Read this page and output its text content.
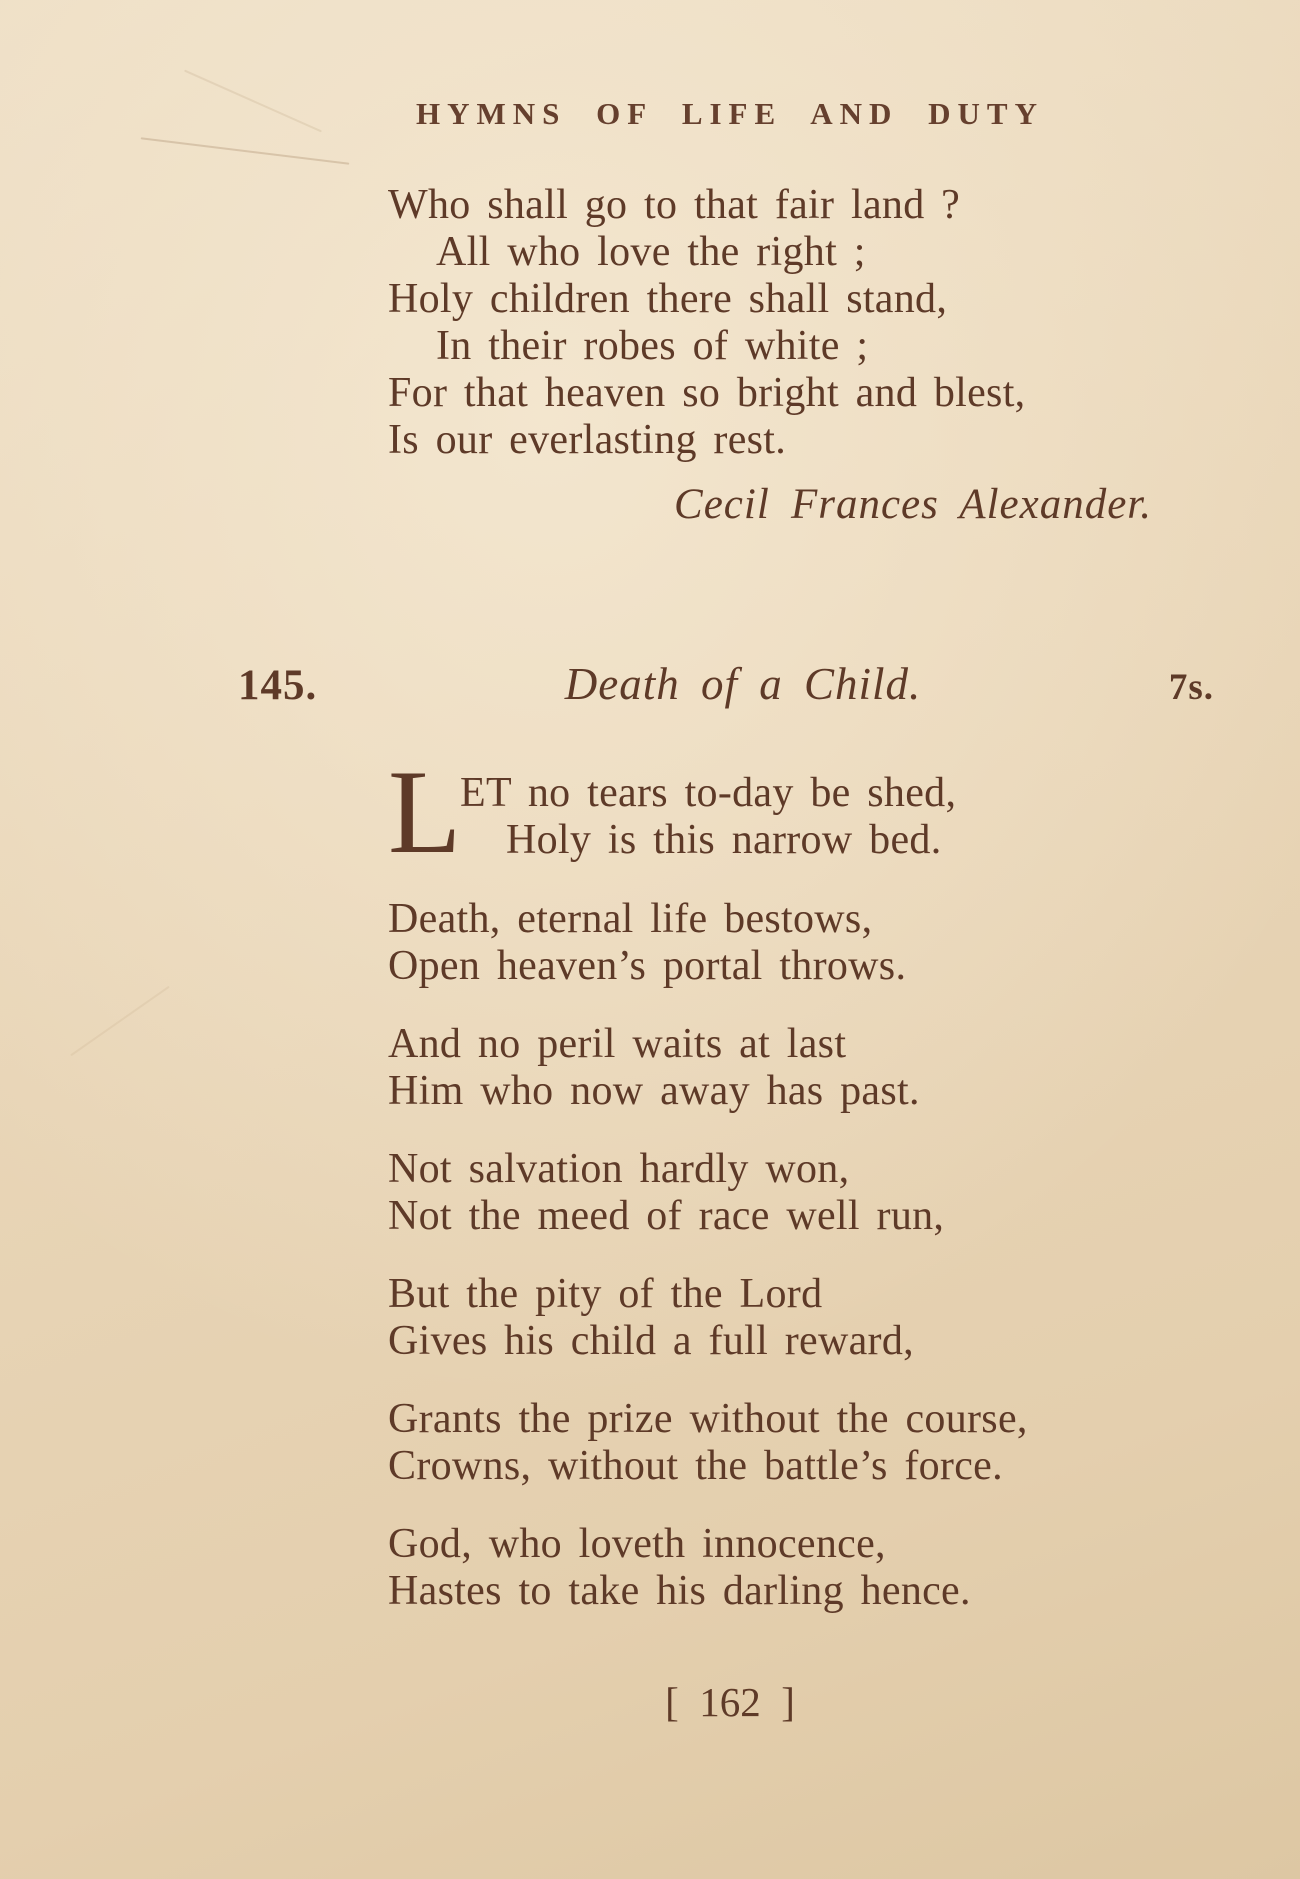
HYMNS OF LIFE AND DUTY
Who shall go to that fair land ?
All who love the right ;
Holy children there shall stand,
In their robes of white ;
For that heaven so bright and blest,
Is our everlasting rest.
Cecil Frances Alexander.
145.	Death of a Child.	7s.
L
ET no tears to-day be shed,
Holy is this narrow bed.
Death, eternal life bestows,
Open heaven’s portal throws.
And no peril waits at last
Him who now away has past.
Not salvation hardly won,
Not the meed of race well run,
But the pity of the Lord
Gives his child a full reward,
Grants the prize without the course,
Crowns, without the battle’s force.
God, who loveth innocence,
Hastes to take his darling hence.
[ 162 ]
